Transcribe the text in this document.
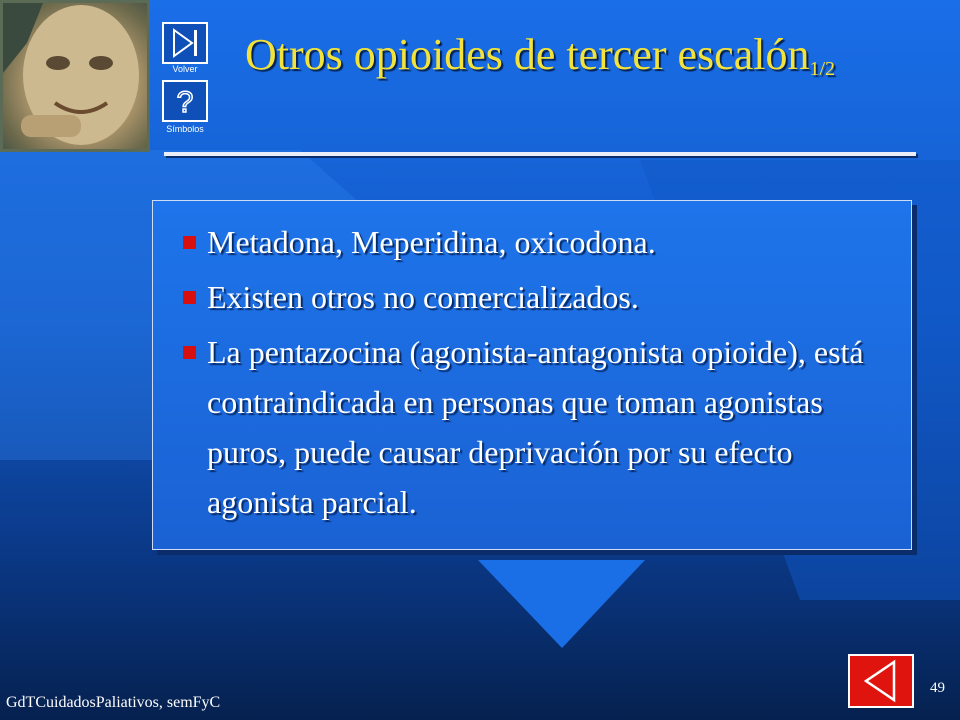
Volver
?
Símbolos
Otros opioides de tercer escalón$_{1/2}$
Metadona, Meperidina, oxicodona.
Existen otros no comercializados.
La pentazocina (agonista-antagonista opioide), está contraindicada en personas que toman agonistas puros, puede causar deprivación por su efecto agonista parcial.
GdTCuidadosPaliativos, semFyC
49
